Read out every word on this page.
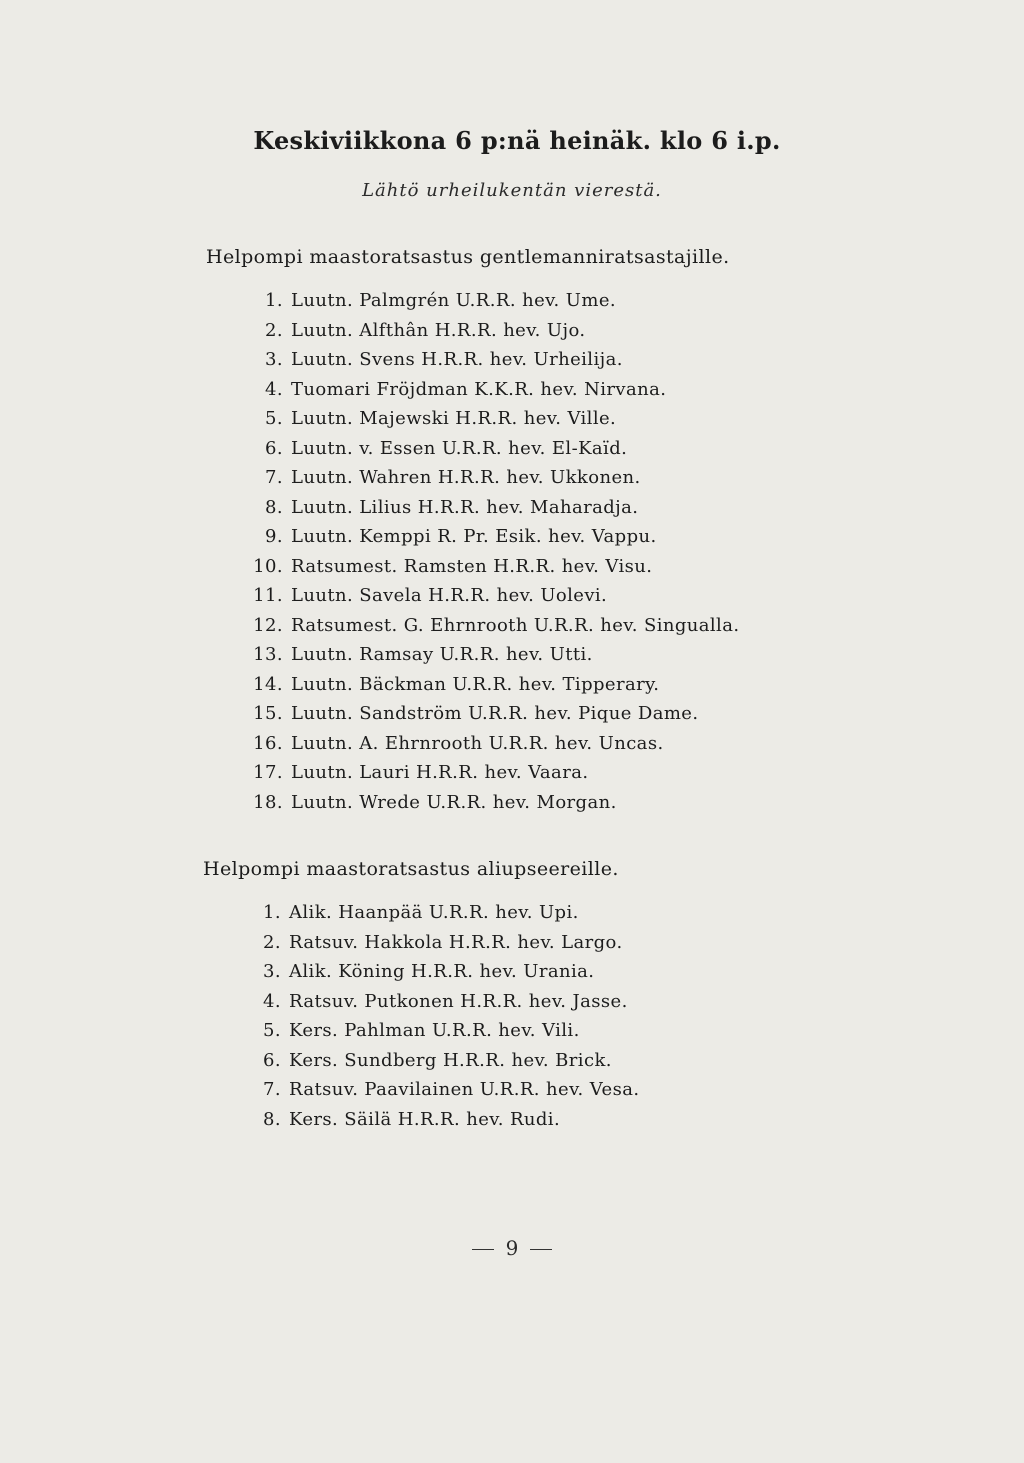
Keskiviikkona 6 p:nä heinäk. klo 6 i.p.
Lähtö urheilukentän vierestä.
Helpompi maastoratsastus gentlemanniratsastajille.
1. Luutn. Palmgrén U.R.R. hev. Ume.
2. Luutn. Alfthân H.R.R. hev. Ujo.
3. Luutn. Svens H.R.R. hev. Urheilija.
4. Tuomari Fröjdman K.K.R. hev. Nirvana.
5. Luutn. Majewski H.R.R. hev. Ville.
6. Luutn. v. Essen U.R.R. hev. El-Kaïd.
7. Luutn. Wahren H.R.R. hev. Ukkonen.
8. Luutn. Lilius H.R.R. hev. Maharadja.
9. Luutn. Kemppi R. Pr. Esik. hev. Vappu.
10. Ratsumest. Ramsten H.R.R. hev. Visu.
11. Luutn. Savela H.R.R. hev. Uolevi.
12. Ratsumest. G. Ehrnrooth U.R.R. hev. Singualla.
13. Luutn. Ramsay U.R.R. hev. Utti.
14. Luutn. Bäckman U.R.R. hev. Tipperary.
15. Luutn. Sandström U.R.R. hev. Pique Dame.
16. Luutn. A. Ehrnrooth U.R.R. hev. Uncas.
17. Luutn. Lauri H.R.R. hev. Vaara.
18. Luutn. Wrede U.R.R. hev. Morgan.
Helpompi maastoratsastus aliupseereille.
1. Alik. Haanpää U.R.R. hev. Upi.
2. Ratsuv. Hakkola H.R.R. hev. Largo.
3. Alik. Köning H.R.R. hev. Urania.
4. Ratsuv. Putkonen H.R.R. hev. Jasse.
5. Kers. Pahlman U.R.R. hev. Vili.
6. Kers. Sundberg H.R.R. hev. Brick.
7. Ratsuv. Paavilainen U.R.R. hev. Vesa.
8. Kers. Säilä H.R.R. hev. Rudi.
9
